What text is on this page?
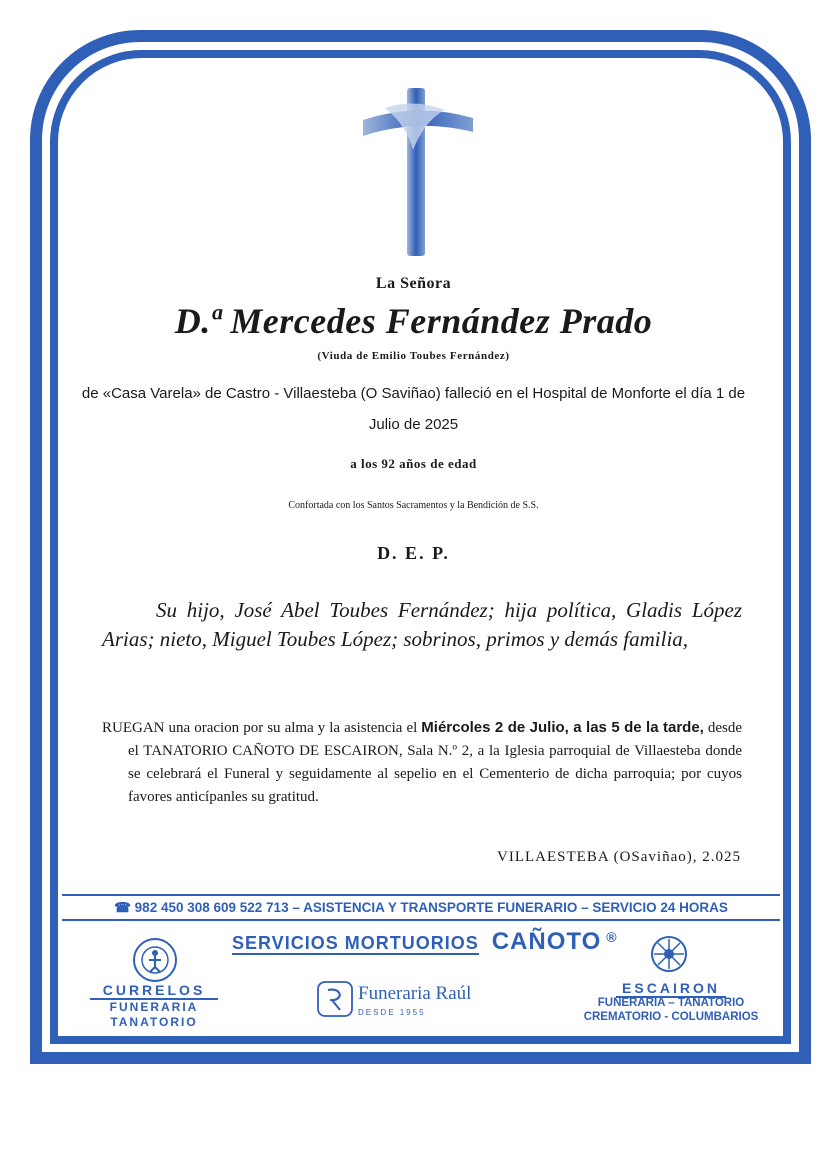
La Señora
D.ª Mercedes Fernández Prado
(Viuda de Emilio Toubes Fernández)
de «Casa Varela» de Castro - Villaesteba (O Saviñao) falleció en el Hospital de Monforte el día 1 de Julio de 2025
a los 92 años de edad
Confortada con los Santos Sacramentos y la Bendición de S.S.
D. E. P.
Su hijo, José Abel Toubes Fernández; hija política, Gladis López Arias; nieto, Miguel Toubes López; sobrinos, primos y demás familia,
RUEGAN una oracion por su alma y la asistencia el Miércoles 2 de Julio, a las 5 de la tarde, desde el TANATORIO CAÑOTO DE ESCAIRON, Sala N.º 2, a la Iglesia parroquial de Villaesteba donde se celebrará el Funeral y seguidamente al sepelio en el Cementerio de dicha parroquia; por cuyos favores anticípanles su gratitud.
VILLAESTEBA (OSaviñao), 2.025
☎ 982 450 308 609 522 713 – ASISTENCIA Y TRANSPORTE FUNERARIO – SERVICIO 24 HORAS
SERVICIOS MORTUORIOS CAÑOTO ®
CURRELOS
FUNERARIA
TANATORIO
Funeraria Raúl
DESDE 1955
ESCAIRON
FUNERARIA – TANATORIO
CREMATORIO - COLUMBARIOS
